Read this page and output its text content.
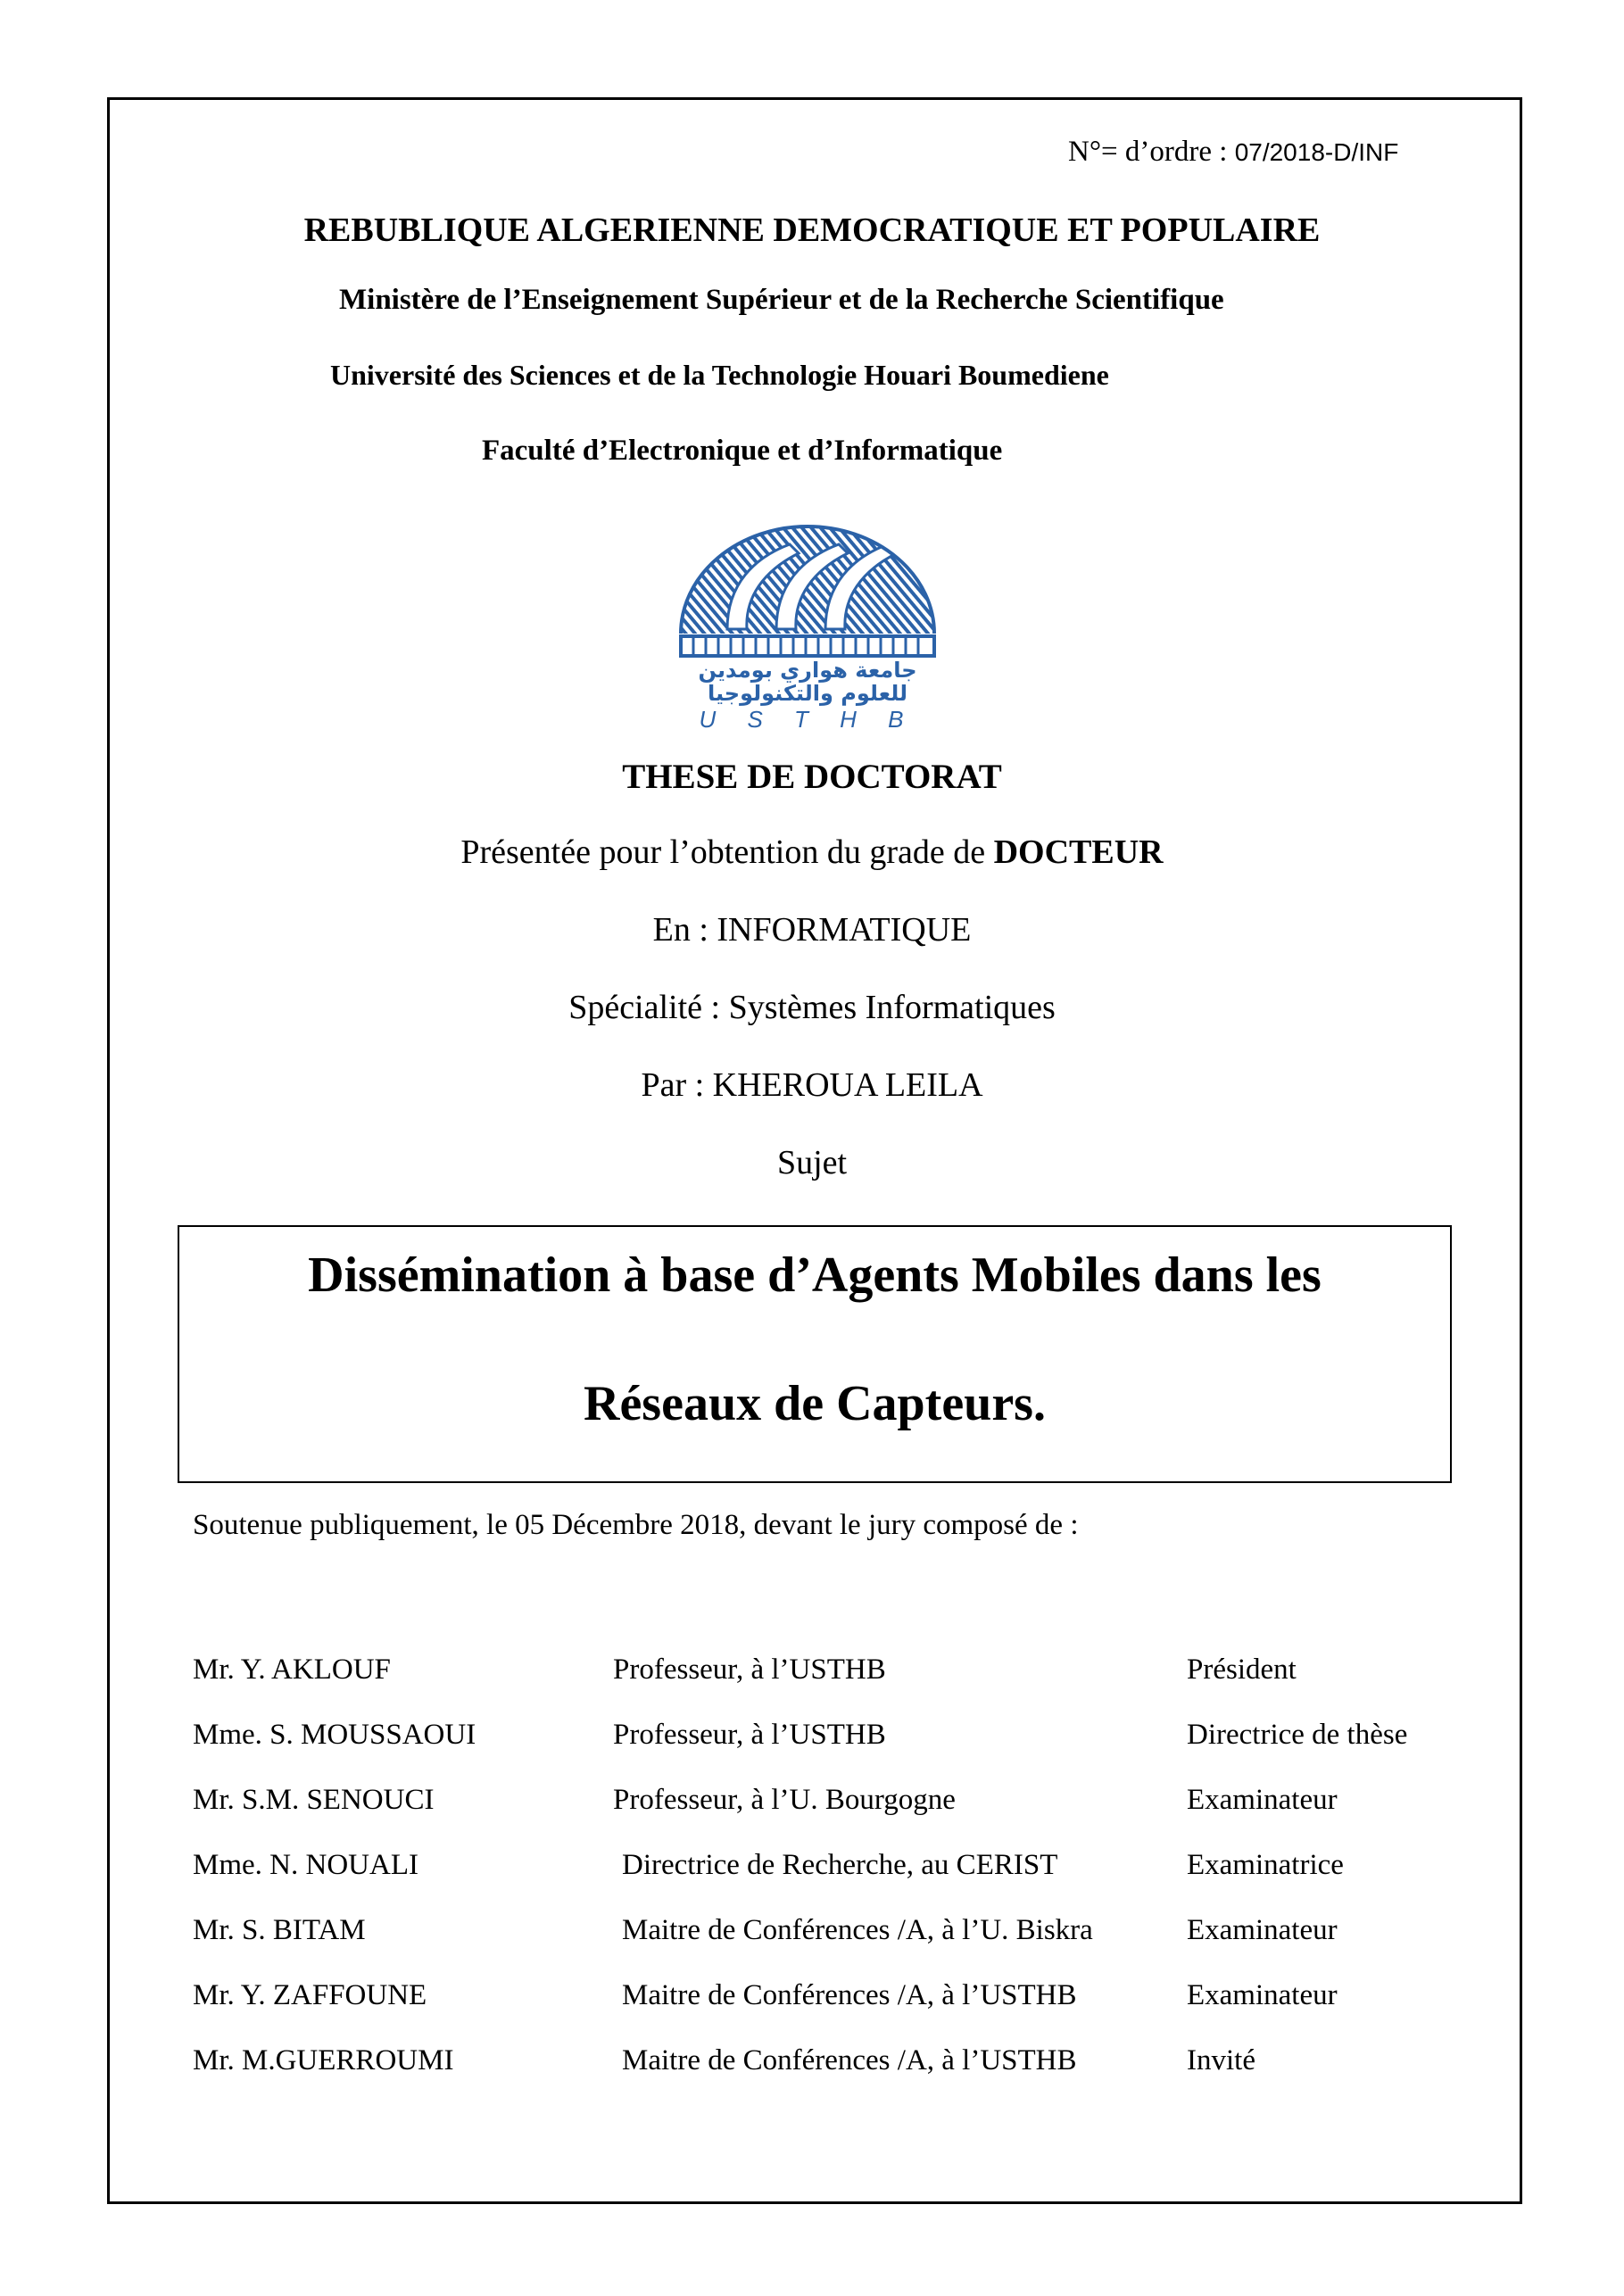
N°= d’ordre : 07/2018-D/INF
REBUBLIQUE ALGERIENNE DEMOCRATIQUE ET POPULAIRE
Ministère de l’Enseignement Supérieur et de la Recherche Scientifique
Université des Sciences et de la Technologie Houari Boumediene
Faculté d’Electronique et d’Informatique
جامعة هواري بومدين
للعلوم والتكنولوجيا
U S T H B
THESE DE DOCTORAT
Présentée pour l’obtention du grade de DOCTEUR
En : INFORMATIQUE
Spécialité : Systèmes Informatiques
Par : KHEROUA LEILA
Sujet
Dissémination à base d’Agents Mobiles dans les
Réseaux de Capteurs.
Soutenue publiquement, le 05 Décembre 2018, devant le jury composé de :
Mr. Y. AKLOUF	Professeur, à l’USTHB	Président
Mme. S. MOUSSAOUI	Professeur, à l’USTHB	Directrice de thèse
Mr. S.M. SENOUCI	Professeur, à l’U. Bourgogne	Examinateur
Mme. N. NOUALI	Directrice de Recherche, au CERIST	Examinatrice
Mr. S. BITAM	Maitre de Conférences /A, à l’U. Biskra	Examinateur
Mr. Y. ZAFFOUNE	Maitre de Conférences /A, à l’USTHB	Examinateur
Mr. M.GUERROUMI	Maitre de Conférences /A, à l’USTHB	Invité
